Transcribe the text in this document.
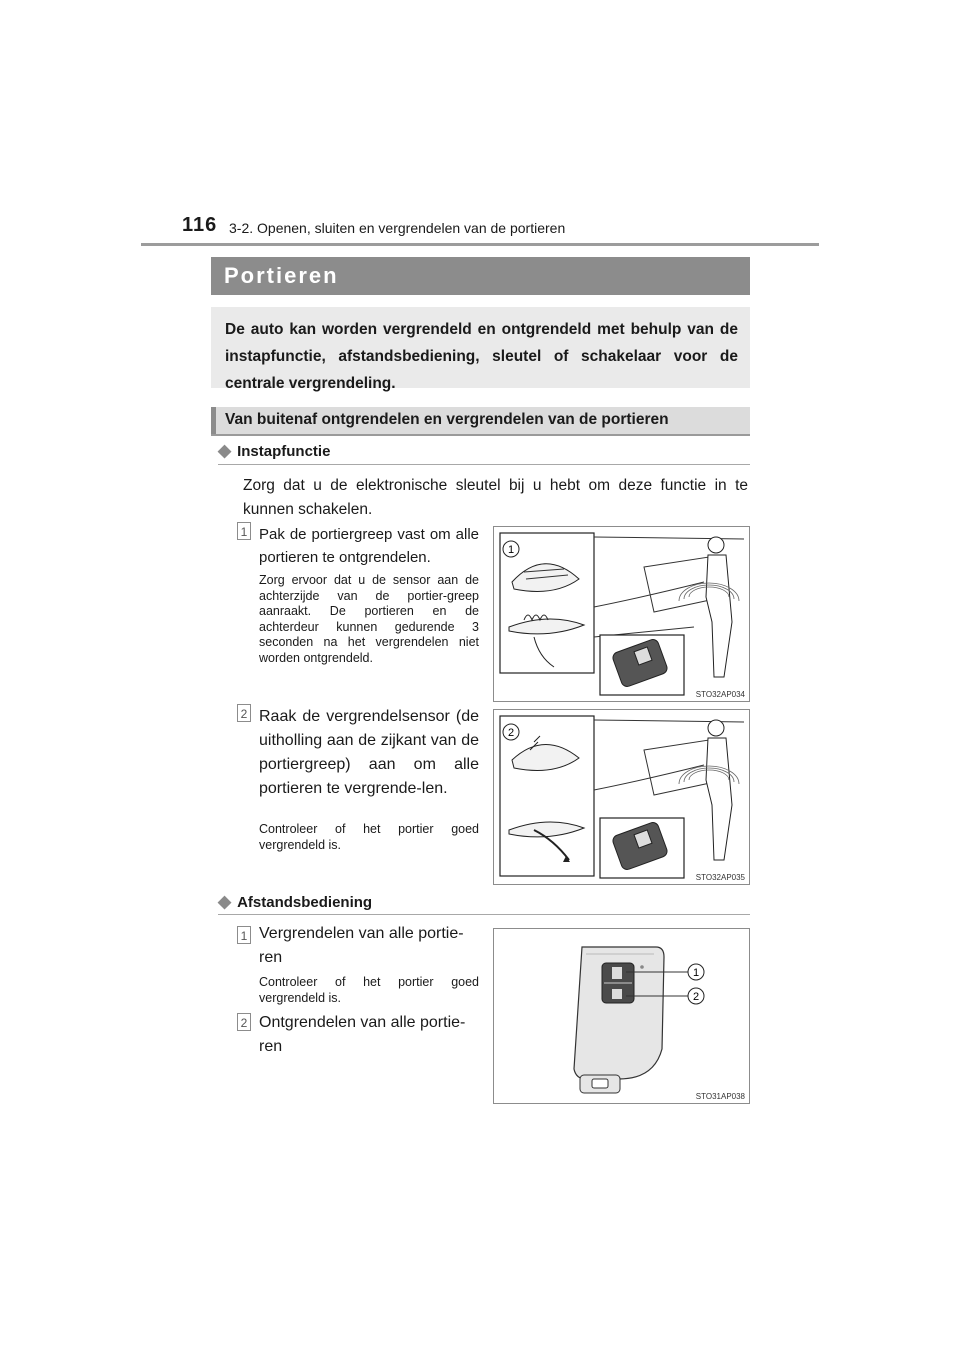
116 3-2. Openen, sluiten en vergrendelen van de portieren
Portieren
De auto kan worden vergrendeld en ontgrendeld met behulp van de instapfunctie, afstandsbediening, sleutel of schakelaar voor de centrale vergrendeling.
Van buitenaf ontgrendelen en vergrendelen van de portieren
◆ Instapfunctie
Zorg dat u de elektronische sleutel bij u hebt om deze functie in te kunnen schakelen.
1 Pak de portiergreep vast om alle portieren te ontgrendelen.
Zorg ervoor dat u de sensor aan de achterzijde van de portier-greep aanraakt. De portieren en de achterdeur kunnen gedurende 3 seconden na het vergrendelen niet worden ontgrendeld.
1
STO32AP034
2 Raak de vergrendelsensor (de uitholling aan de zijkant van de portiergreep) aan om alle portieren te vergrende-len.
Controleer of het portier goed vergrendeld is.
2
STO32AP035
◆ Afstandsbediening
1 Vergrendelen van alle portie-ren
Controleer of het portier goed vergrendeld is.
2 Ontgrendelen van alle portie-ren
1
2
STO31AP038
